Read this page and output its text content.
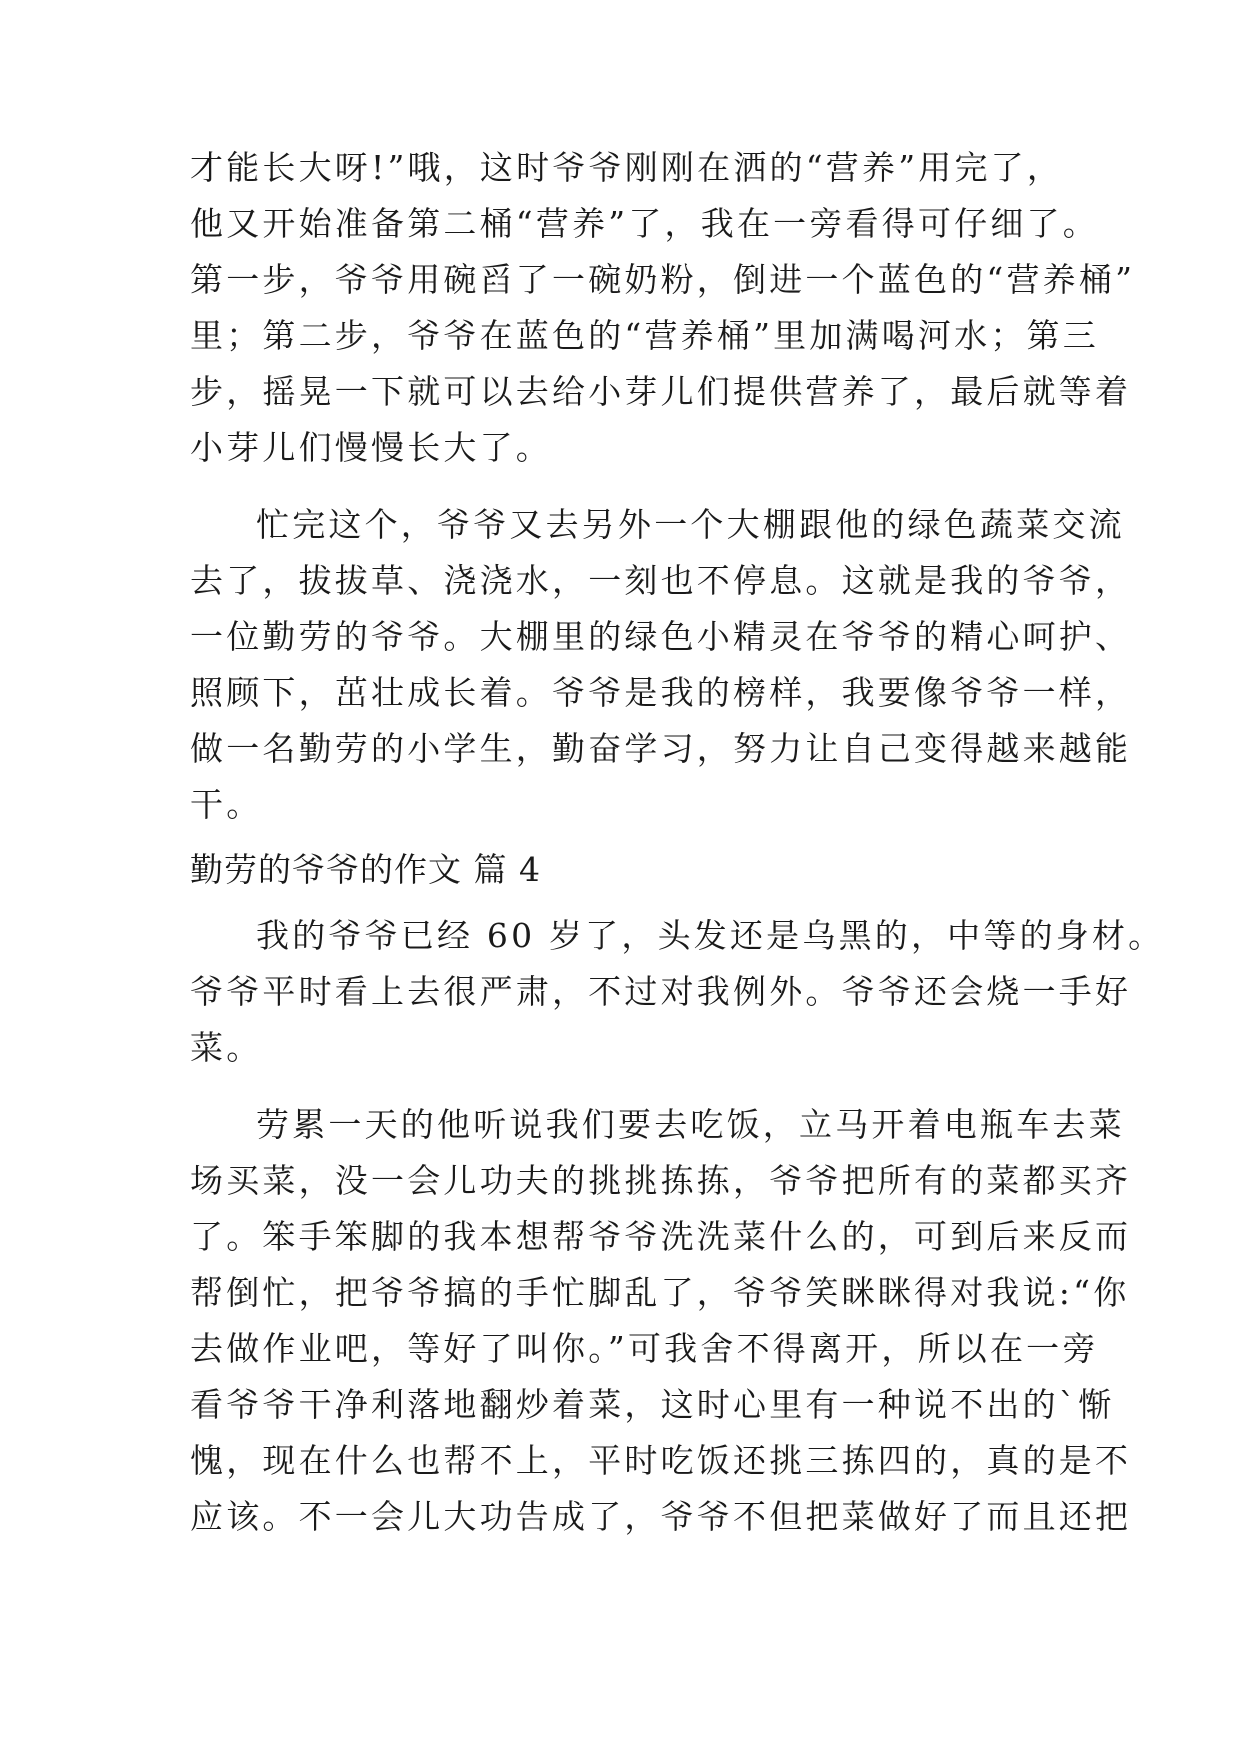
才能长大呀!”哦，这时爷爷刚刚在洒的“营养”用完了，
他又开始准备第二桶“营养”了，我在一旁看得可仔细了。
第一步，爷爷用碗舀了一碗奶粉，倒进一个蓝色的“营养桶”
里；第二步，爷爷在蓝色的“营养桶”里加满喝河水；第三
步，摇晃一下就可以去给小芽儿们提供营养了，最后就等着
小芽儿们慢慢长大了。
忙完这个，爷爷又去另外一个大棚跟他的绿色蔬菜交流
去了，拔拔草、浇浇水，一刻也不停息。这就是我的爷爷，
一位勤劳的爷爷。大棚里的绿色小精灵在爷爷的精心呵护、
照顾下，茁壮成长着。爷爷是我的榜样，我要像爷爷一样，
做一名勤劳的小学生，勤奋学习，努力让自己变得越来越能
干。
勤劳的爷爷的作文 篇 4
我的爷爷已经 60 岁了，头发还是乌黑的，中等的身材。
爷爷平时看上去很严肃，不过对我例外。爷爷还会烧一手好
菜。
劳累一天的他听说我们要去吃饭，立马开着电瓶车去菜
场买菜，没一会儿功夫的挑挑拣拣，爷爷把所有的菜都买齐
了。笨手笨脚的我本想帮爷爷洗洗菜什么的，可到后来反而
帮倒忙，把爷爷搞的手忙脚乱了，爷爷笑眯眯得对我说:“你
去做作业吧，等好了叫你。”可我舍不得离开，所以在一旁
看爷爷干净利落地翻炒着菜，这时心里有一种说不出的`惭
愧，现在什么也帮不上，平时吃饭还挑三拣四的，真的是不
应该。不一会儿大功告成了，爷爷不但把菜做好了而且还把
